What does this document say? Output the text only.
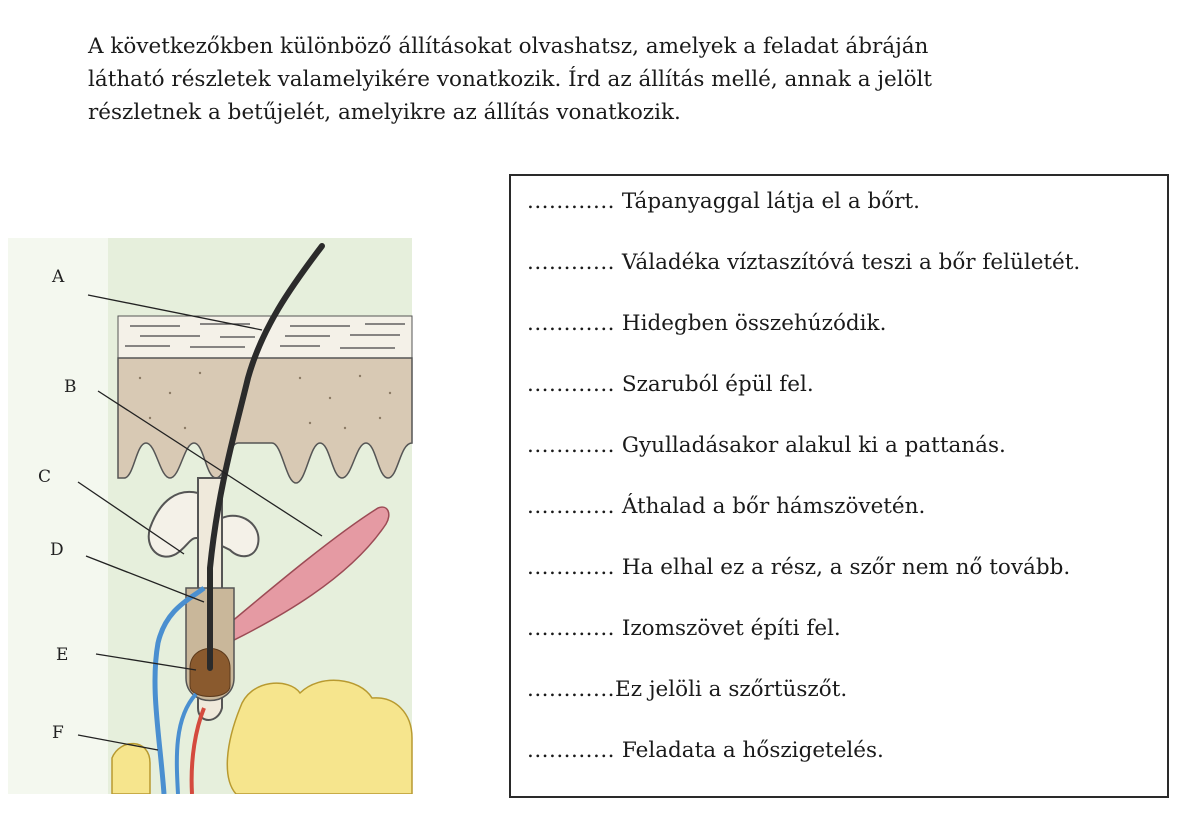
A következőkben különböző állításokat olvashatsz, amelyek a feladat ábráján
látható részletek valamelyikére vonatkozik. Írd az állítás mellé, annak a jelölt
részletnek a betűjelét, amelyikre az állítás vonatkozik.

A
B
C
D
E
F
............ Tápanyaggal látja el a bőrt.
............ Váladéka víztaszítóvá teszi a bőr felületét.
............ Hidegben összehúzódik.
............ Szaruból épül fel.
............ Gyulladásakor alakul ki a pattanás.
............ Áthalad a bőr hámszövetén.
............ Ha elhal ez a rész, a szőr nem nő tovább.
............ Izomszövet építi fel.
............Ez jelöli a szőrtüszőt.
............ Feladata a hőszigetelés.
